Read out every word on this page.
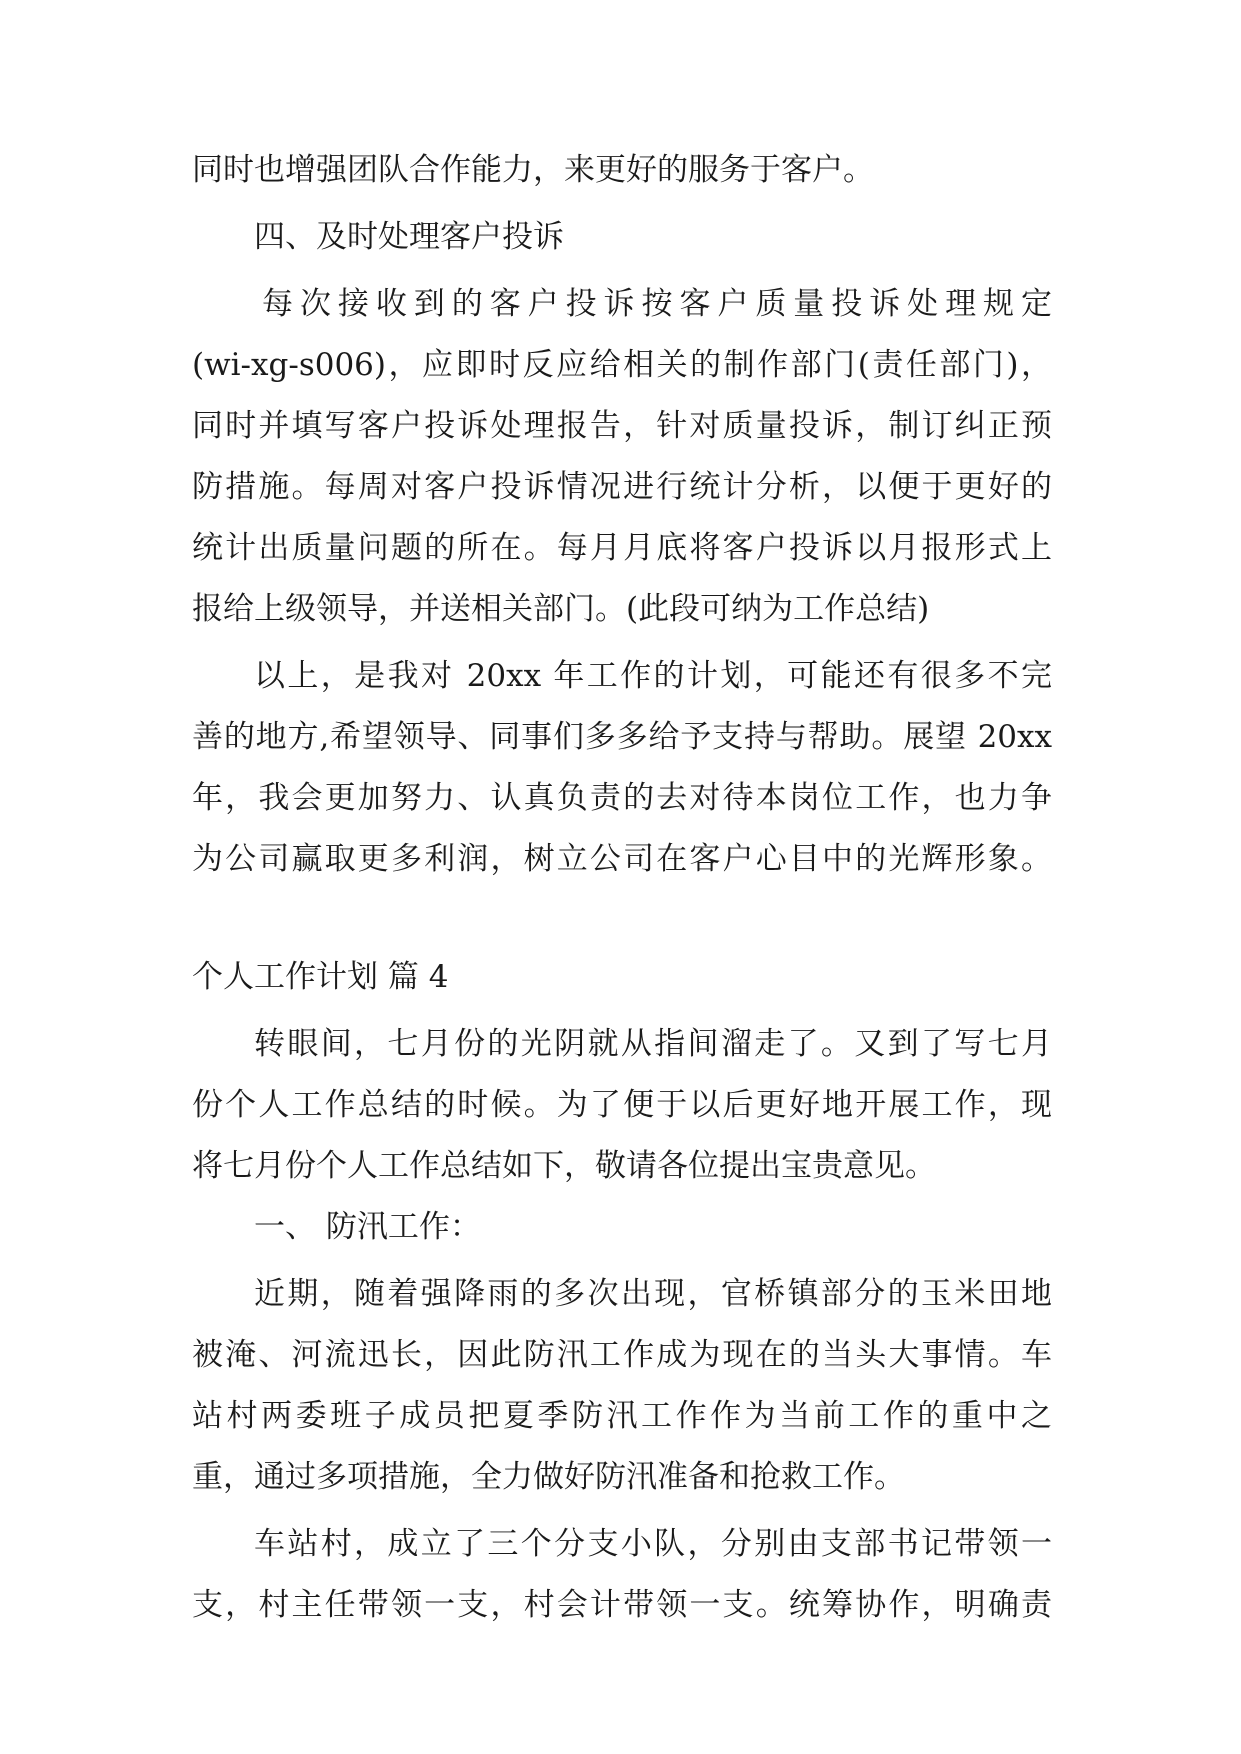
同时也增强团队合作能力，来更好的服务于客户。
四、及时处理客户投诉
每次接收到的客户投诉按客户质量投诉处理规定
(wi-xg-s006)，应即时反应给相关的制作部门(责任部门)，
同时并填写客户投诉处理报告，针对质量投诉，制订纠正预
防措施。每周对客户投诉情况进行统计分析，以便于更好的
统计出质量问题的所在。每月月底将客户投诉以月报形式上
报给上级领导，并送相关部门。(此段可纳为工作总结)
以上，是我对 20xx 年工作的计划，可能还有很多不完
善的地方,希望领导、同事们多多给予支持与帮助。展望 20xx
年，我会更加努力、认真负责的去对待本岗位工作，也力争
为公司赢取更多利润，树立公司在客户心目中的光辉形象。
个人工作计划 篇 4
转眼间，七月份的光阴就从指间溜走了。又到了写七月
份个人工作总结的时候。为了便于以后更好地开展工作，现
将七月份个人工作总结如下，敬请各位提出宝贵意见。
一、 防汛工作：
近期，随着强降雨的多次出现，官桥镇部分的玉米田地
被淹、河流迅长，因此防汛工作成为现在的当头大事情。车
站村两委班子成员把夏季防汛工作作为当前工作的重中之
重，通过多项措施，全力做好防汛准备和抢救工作。
车站村，成立了三个分支小队，分别由支部书记带领一
支，村主任带领一支，村会计带领一支。统筹协作，明确责
